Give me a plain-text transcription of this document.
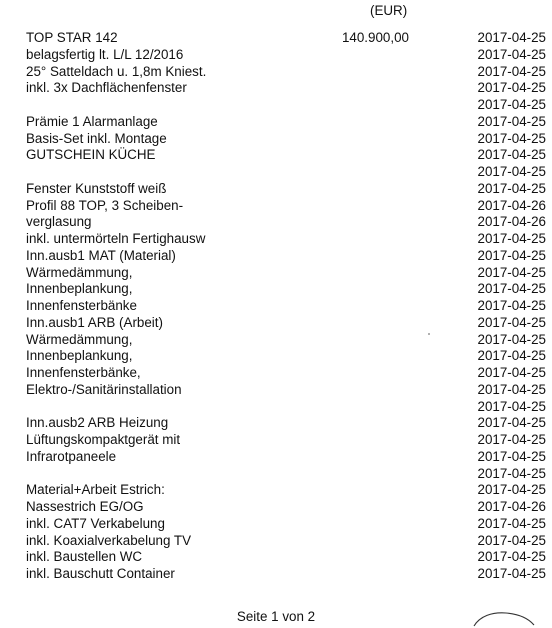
(EUR)
TOP STAR 142	140.900,00	2017-04-25
belagsfertig lt. L/L 12/2016	2017-04-25
25° Satteldach u. 1,8m Kniest.	2017-04-25
inkl. 3x Dachflächenfenster	2017-04-25
2017-04-25
Prämie 1 Alarmanlage	2017-04-25
Basis-Set inkl. Montage	2017-04-25
GUTSCHEIN KÜCHE	2017-04-25
2017-04-25
Fenster Kunststoff weiß	2017-04-25
Profil 88 TOP, 3 Scheiben-	2017-04-26
verglasung	2017-04-26
inkl. untermörteln Fertighausw	2017-04-25
Inn.ausb1 MAT (Material)	2017-04-25
Wärmedämmung,	2017-04-25
Innenbeplankung,	2017-04-25
Innenfensterbänke	2017-04-25
Inn.ausb1 ARB (Arbeit)	2017-04-25
Wärmedämmung,	2017-04-25
Innenbeplankung,	2017-04-25
Innenfensterbänke,	2017-04-25
Elektro-/Sanitärinstallation	2017-04-25
2017-04-25
Inn.ausb2 ARB Heizung	2017-04-25
Lüftungskompaktgerät mit	2017-04-25
Infrarotpaneele	2017-04-25
2017-04-25
Material+Arbeit Estrich:	2017-04-25
Nassestrich EG/OG	2017-04-26
inkl. CAT7 Verkabelung	2017-04-25
inkl. Koaxialverkabelung TV	2017-04-25
inkl. Baustellen WC	2017-04-25
inkl. Bauschutt Container	2017-04-25
Seite 1 von 2
